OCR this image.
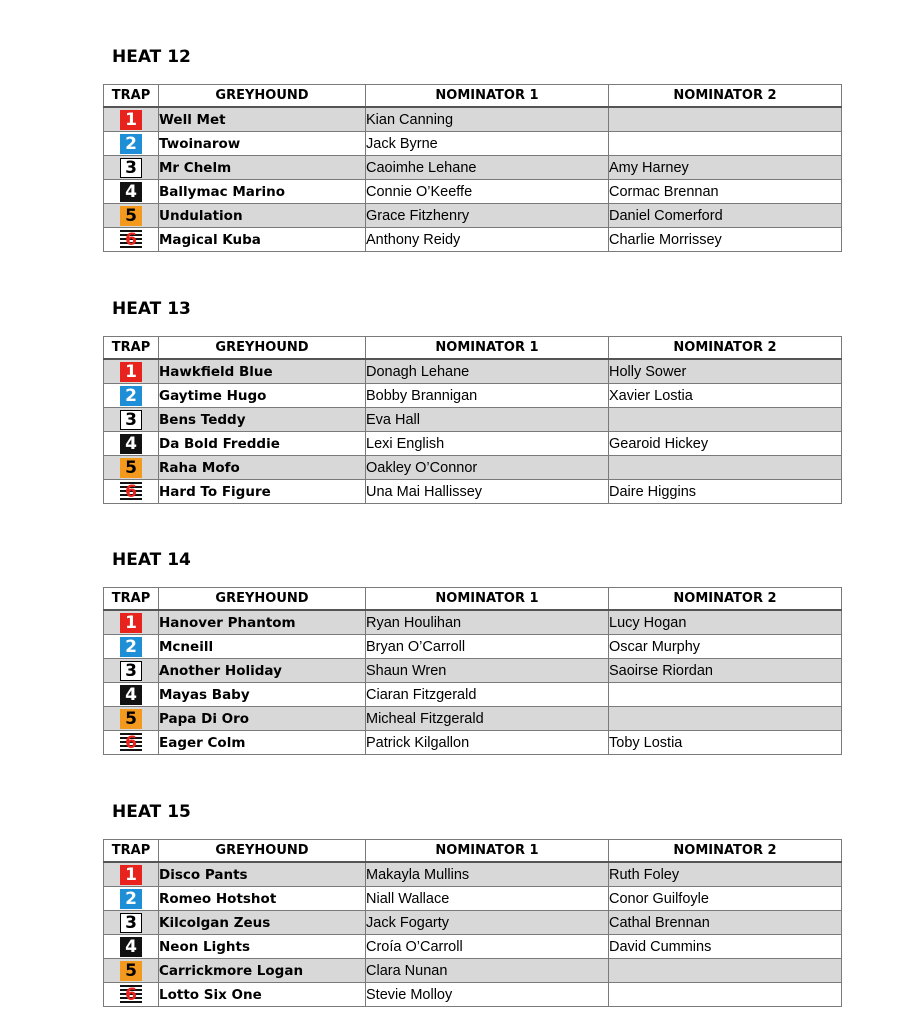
HEAT 12
TRAP	GREYHOUND	NOMINATOR 1	NOMINATOR 2
1	Well Met	Kian Canning	
2	Twoinarow	Jack Byrne	
3	Mr Chelm	Caoimhe Lehane	Amy Harney
4	Ballymac Marino	Connie O’Keeffe	Cormac Brennan
5	Undulation	Grace Fitzhenry	Daniel Comerford
6	Magical Kuba	Anthony Reidy	Charlie Morrissey
HEAT 13
TRAP	GREYHOUND	NOMINATOR 1	NOMINATOR 2
1	Hawkfield Blue	Donagh Lehane	Holly Sower
2	Gaytime Hugo	Bobby Brannigan	Xavier Lostia
3	Bens Teddy	Eva Hall	
4	Da Bold Freddie	Lexi English	Gearoid Hickey
5	Raha Mofo	Oakley O’Connor	
6	Hard To Figure	Una Mai Hallissey	Daire Higgins
HEAT 14
TRAP	GREYHOUND	NOMINATOR 1	NOMINATOR 2
1	Hanover Phantom	Ryan Houlihan	Lucy Hogan
2	Mcneill	Bryan O’Carroll	Oscar Murphy
3	Another Holiday	Shaun Wren	Saoirse Riordan
4	Mayas Baby	Ciaran Fitzgerald	
5	Papa Di Oro	Micheal Fitzgerald	
6	Eager Colm	Patrick Kilgallon	Toby Lostia
HEAT 15
TRAP	GREYHOUND	NOMINATOR 1	NOMINATOR 2
1	Disco Pants	Makayla Mullins	Ruth Foley
2	Romeo Hotshot	Niall Wallace	Conor Guilfoyle
3	Kilcolgan Zeus	Jack Fogarty	Cathal Brennan
4	Neon Lights	Croía O’Carroll	David Cummins
5	Carrickmore Logan	Clara Nunan	
6	Lotto Six One	Stevie Molloy	
